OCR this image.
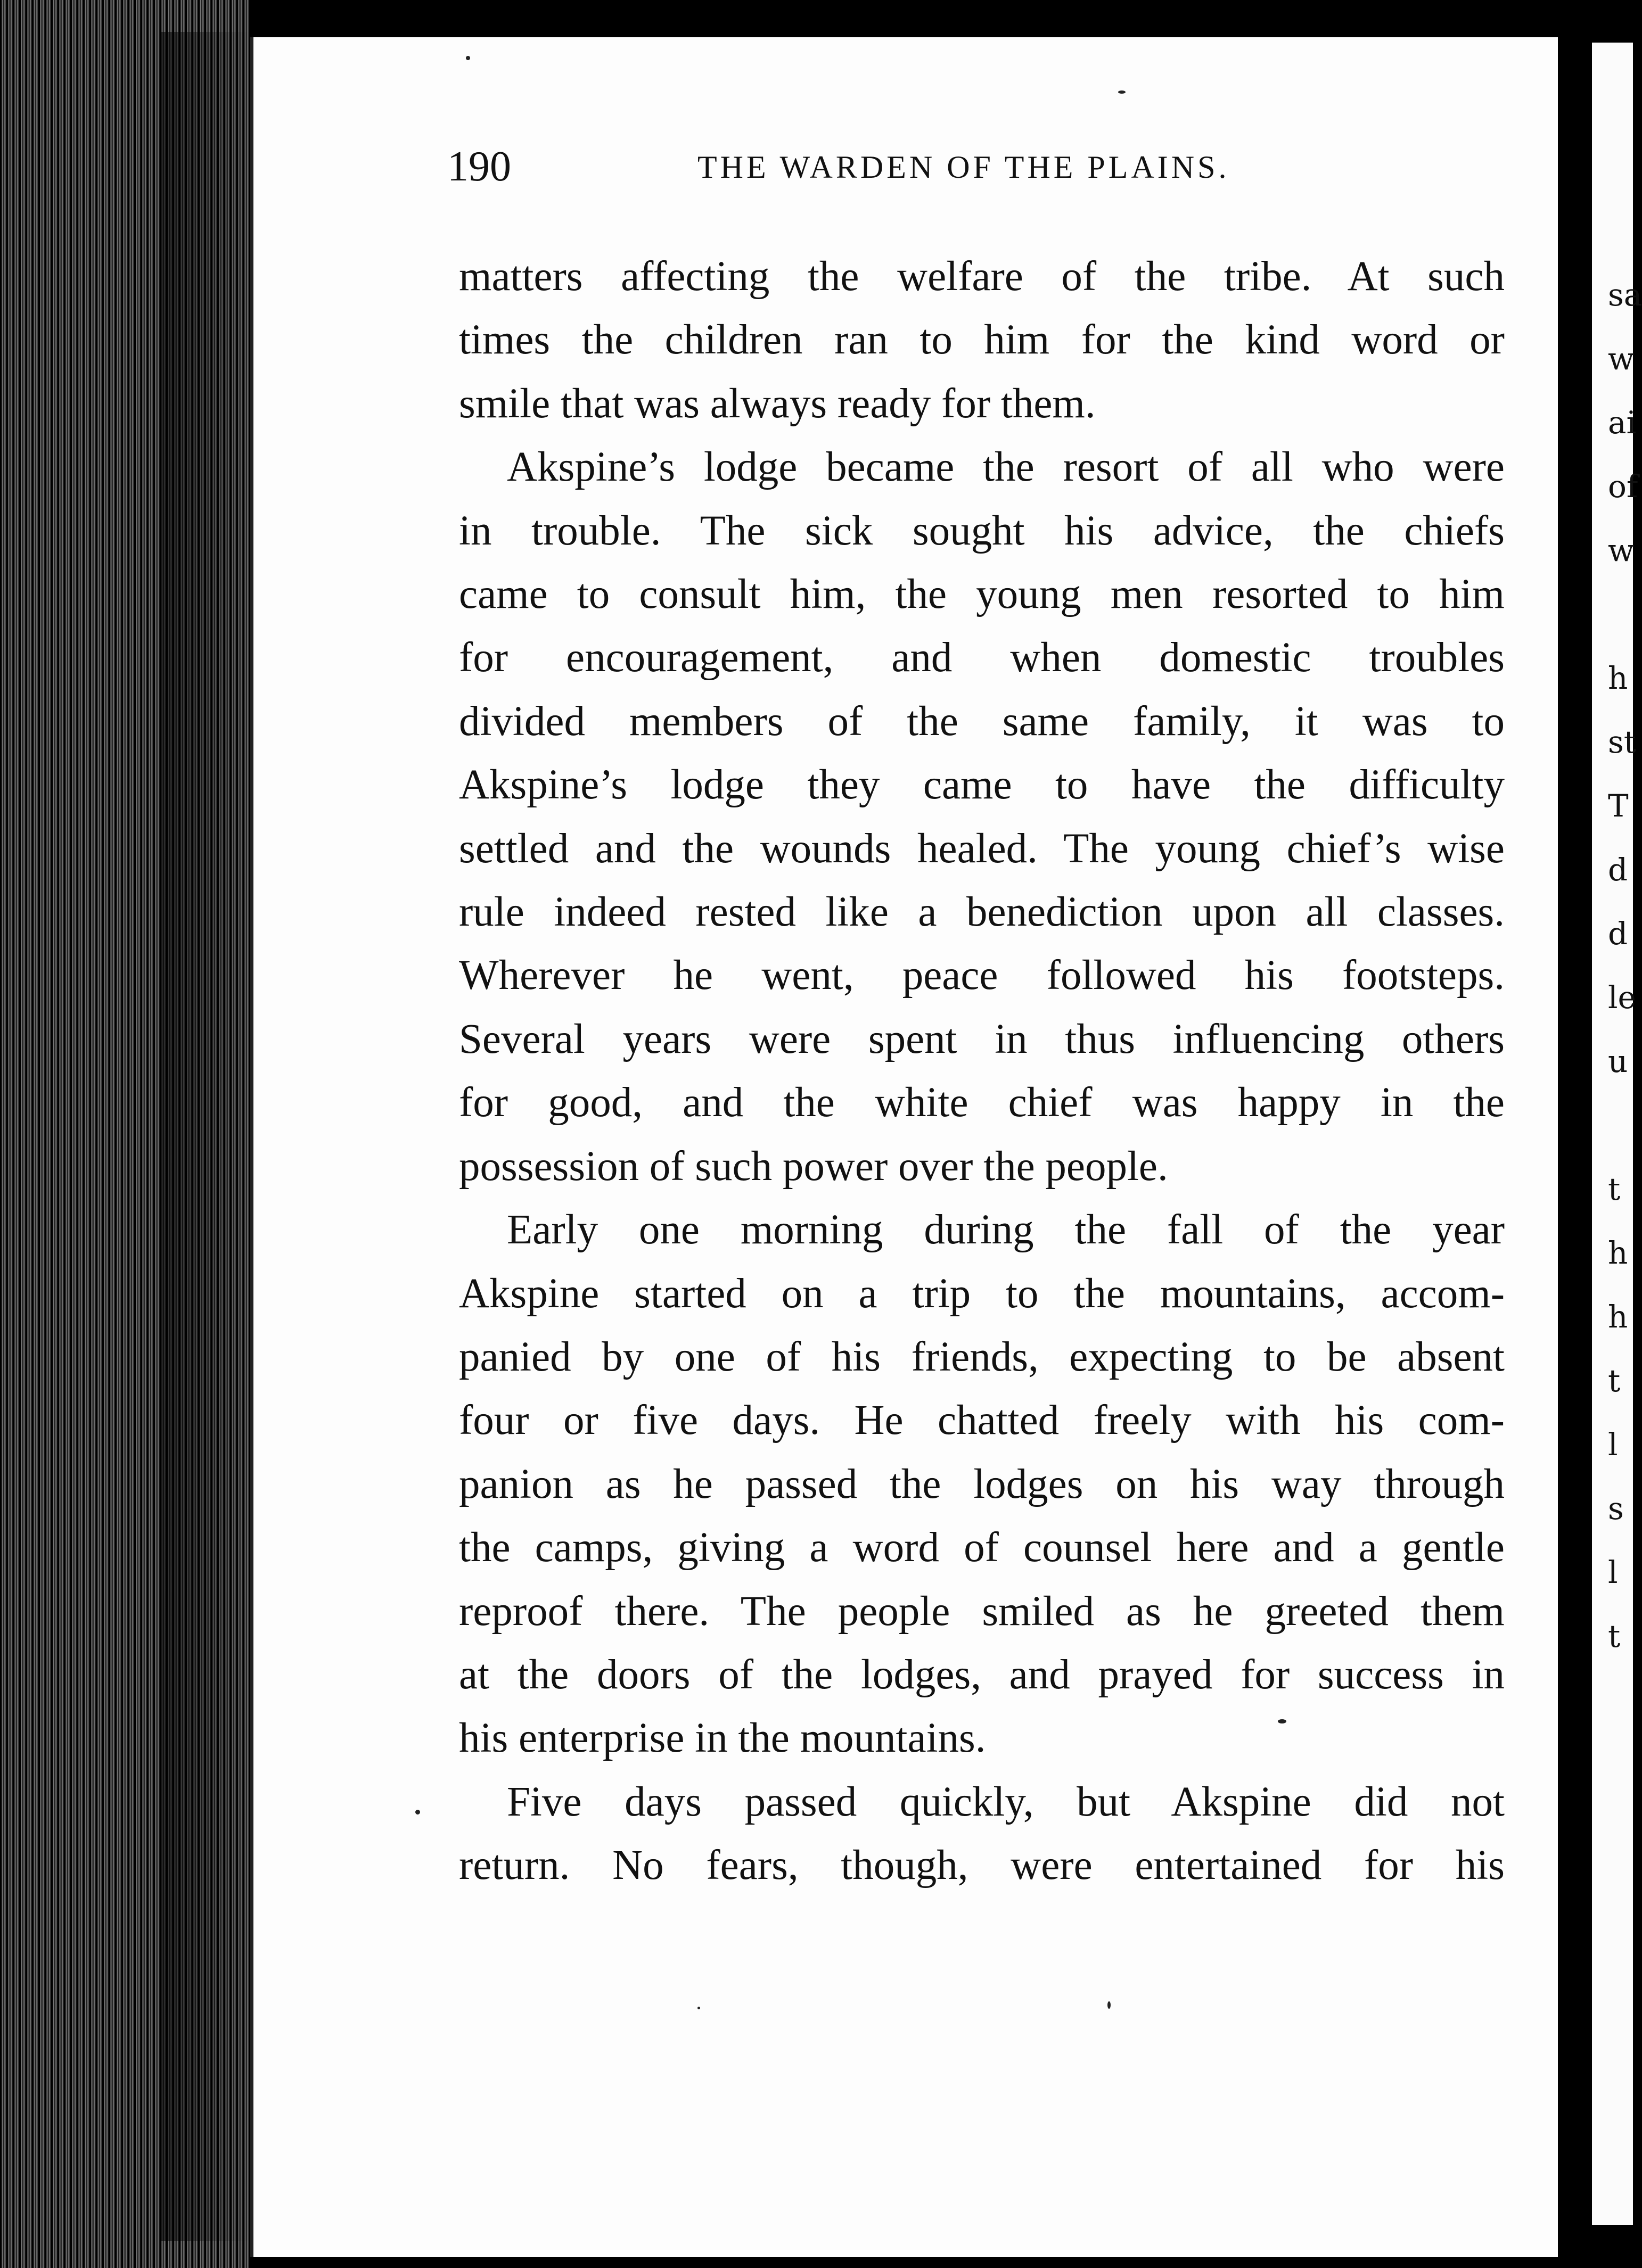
sa
w
ai
of
w
h
st
T
d
d
le
u
t
h
h
t
l
s
l
t
190	THE WARDEN OF THE PLAINS.
matters affecting the welfare of the tribe. At such
times the children ran to him for the kind word or
smile that was always ready for them.
Akspine’s lodge became the resort of all who were
in trouble. The sick sought his advice, the chiefs
came to consult him, the young men resorted to him
for encouragement, and when domestic troubles
divided members of the same family, it was to
Akspine’s lodge they came to have the difficulty
settled and the wounds healed. The young chief’s wise
rule indeed rested like a benediction upon all classes.
Wherever he went, peace followed his footsteps.
Several years were spent in thus influencing others
for good, and the white chief was happy in the
possession of such power over the people.
Early one morning during the fall of the year
Akspine started on a trip to the mountains, accom-
panied by one of his friends, expecting to be absent
four or five days. He chatted freely with his com-
panion as he passed the lodges on his way through
the camps, giving a word of counsel here and a gentle
reproof there. The people smiled as he greeted them
at the doors of the lodges, and prayed for success in
his enterprise in the mountains.
Five days passed quickly, but Akspine did not
return. No fears, though, were entertained for his
